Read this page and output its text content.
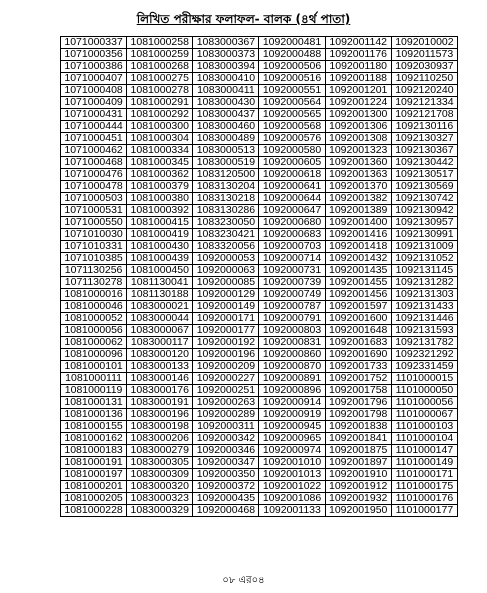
লিখিত পরীক্ষার ফলাফল- বালক (৪র্থ পাতা)
1071000337	1081000258	1083000367	1092000481	1092001142	1092010002
1071000356	1081000259	1083000373	1092000488	1092001176	1092011573
1071000386	1081000268	1083000394	1092000506	1092001180	1092030937
1071000407	1081000275	1083000410	1092000516	1092001188	1092110250
1071000408	1081000278	1083000411	1092000551	1092001201	1092120240
1071000409	1081000291	1083000430	1092000564	1092001224	1092121334
1071000431	1081000292	1083000437	1092000565	1092001300	1092121708
1071000444	1081000300	1083000460	1092000568	1092001306	1092130116
1071000451	1081000304	1083000489	1092000576	1092001308	1092130327
1071000462	1081000334	1083000513	1092000580	1092001323	1092130367
1071000468	1081000345	1083000519	1092000605	1092001360	1092130442
1071000476	1081000362	1083120500	1092000618	1092001363	1092130517
1071000478	1081000379	1083130204	1092000641	1092001370	1092130569
1071000503	1081000380	1083130218	1092000644	1092001382	1092130742
1071000531	1081000392	1083130286	1092000647	1092001389	1092130942
1071000550	1081000415	1083230050	1092000680	1092001400	1092130957
1071010030	1081000419	1083230421	1092000683	1092001416	1092130991
1071010331	1081000430	1083320056	1092000703	1092001418	1092131009
1071010385	1081000439	1092000053	1092000714	1092001432	1092131052
1071130256	1081000450	1092000063	1092000731	1092001435	1092131145
1071130278	1081130041	1092000085	1092000739	1092001455	1092131282
1081000016	1081130188	1092000129	1092000749	1092001456	1092131303
1081000046	1083000021	1092000149	1092000787	1092001597	1092131433
1081000052	1083000044	1092000171	1092000791	1092001600	1092131446
1081000056	1083000067	1092000177	1092000803	1092001648	1092131593
1081000062	1083000117	1092000192	1092000831	1092001683	1092131782
1081000096	1083000120	1092000196	1092000860	1092001690	1092321292
1081000101	1083000133	1092000209	1092000870	1092001733	1092331459
1081000111	1083000146	1092000227	1092000891	1092001752	1101000015
1081000119	1083000176	1092000251	1092000896	1092001758	1101000050
1081000131	1083000191	1092000263	1092000914	1092001796	1101000056
1081000136	1083000196	1092000289	1092000919	1092001798	1101000067
1081000155	1083000198	1092000311	1092000945	1092001838	1101000103
1081000162	1083000206	1092000342	1092000965	1092001841	1101000104
1081000183	1083000279	1092000346	1092000974	1092001875	1101000147
1081000191	1083000305	1092000347	1092001010	1092001897	1101000149
1081000197	1083000309	1092000350	1092001013	1092001910	1101000171
1081000201	1083000320	1092000372	1092001022	1092001912	1101000175
1081000205	1083000323	1092000435	1092001086	1092001932	1101000176
1081000228	1083000329	1092000468	1092001133	1092001950	1101000177
০৮ এর০৪
